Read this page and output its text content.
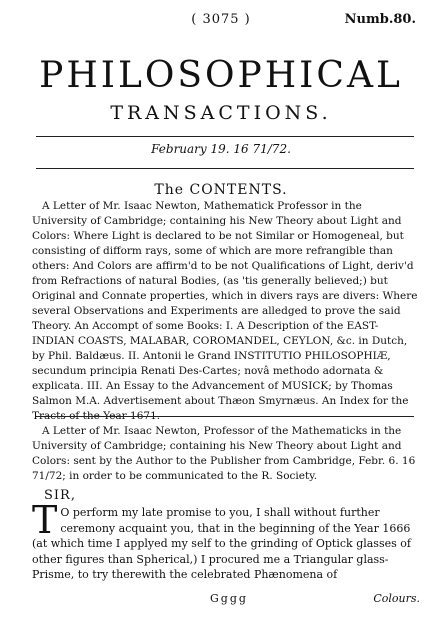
( 3075 )	Numb.80.
PHILOSOPHICAL
TRANSACTIONS.
February 19. 16 71/72.
The CONTENTS.

A Letter of Mr. Isaac Newton, Mathematick Professor in the University of Cambridge; containing his New Theory about Light and Colors: Where Light is declared to be not Similar or Homogeneal, but consisting of difform rays, some of which are more refrangible than others: And Colors are affirm'd to be not Qualifications of Light, deriv'd from Refractions of natural Bodies, (as 'tis generally believed;) but Original and Connate properties, which in divers rays are divers: Where several Observations and Experiments are alledged to prove the said Theory. An Accompt of some Books: I. A Description of the EAST-INDIAN COASTS, MALABAR, COROMANDEL, CEYLON, &c. in Dutch, by Phil. Baldæus. II. Antonii le Grand INSTITUTIO PHILOSOPHIÆ, secundum principia Renati Des-Cartes; novâ methodo adornata & explicata. III. An Essay to the Advancement of MUSICK; by Thomas Salmon M.A. Advertisement about Thæon Smyrnæus. An Index for the Tracts of the Year 1671.

A Letter of Mr. Isaac Newton, Professor of the Mathematicks in the University of Cambridge; containing his New Theory about Light and Colors: sent by the Author to the Publisher from Cambridge, Febr. 6. 16 71/72; in order to be communicated to the R. Society.

SIR,
T O perform my late promise to you, I shall without further ceremony acquaint you, that in the beginning of the Year 1666 (at which time I applyed my self to the grinding of Optick glasses of other figures than Spherical,) I procured me a Triangular glass-Prisme, to try therewith the celebrated Phænomena of
Gggg	Colours.
